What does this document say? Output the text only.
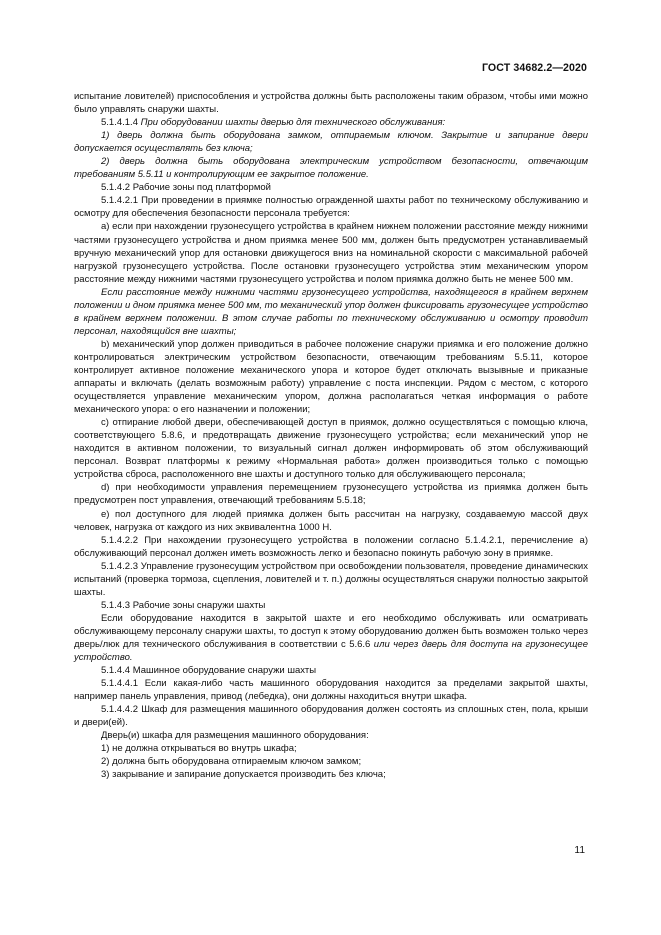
ГОСТ 34682.2—2020

испытание ловителей) приспособления и устройства должны быть расположены таким образом, чтобы ими можно было управлять снаружи шахты.

5.1.4.1.4 При оборудовании шахты дверью для технического обслуживания:

1) дверь должна быть оборудована замком, отпираемым ключом. Закрытие и запирание двери допускается осуществлять без ключа;

2) дверь должна быть оборудована электрическим устройством безопасности, отвечающим требованиям 5.5.11 и контролирующим ее закрытое положение.

5.1.4.2 Рабочие зоны под платформой

5.1.4.2.1 При проведении в приямке полностью огражденной шахты работ по техническому обслуживанию и осмотру для обеспечения безопасности персонала требуется:

a) если при нахождении грузонесущего устройства в крайнем нижнем положении расстояние между нижними частями грузонесущего устройства и дном приямка менее 500 мм, должен быть предусмотрен устанавливаемый вручную механический упор для остановки движущегося вниз на номинальной скорости с максимальной рабочей нагрузкой грузонесущего устройства. После остановки грузонесущего устройства этим механическим упором расстояние между нижними частями грузонесущего устройства и полом приямка должно быть не менее 500 мм.

Если расстояние между нижними частями грузонесущего устройства, находящегося в крайнем верхнем положении и дном приямка менее 500 мм, то механический упор должен фиксировать грузонесущее устройство в крайнем верхнем положении. В этом случае работы по техническому обслуживанию и осмотру проводит персонал, находящийся вне шахты;

b) механический упор должен приводиться в рабочее положение снаружи приямка и его положение должно контролироваться электрическим устройством безопасности, отвечающим требованиям 5.5.11, которое контролирует активное положение механического упора и которое будет отключать вызывные и приказные аппараты и включать (делать возможным работу) управление с поста инспекции. Рядом с местом, с которого осуществляется управление механическим упором, должна располагаться четкая информация о работе механического упора: о его назначении и положении;

c) отпирание любой двери, обеспечивающей доступ в приямок, должно осуществляться с помощью ключа, соответствующего 5.8.6, и предотвращать движение грузонесущего устройства; если механический упор не находится в активном положении, то визуальный сигнал должен информировать об этом обслуживающий персонал. Возврат платформы к режиму «Нормальная работа» должен производиться только с помощью устройства сброса, расположенного вне шахты и доступного только для обслуживающего персонала;

d) при необходимости управления перемещением грузонесущего устройства из приямка должен быть предусмотрен пост управления, отвечающий требованиям 5.5.18;

e) пол доступного для людей приямка должен быть рассчитан на нагрузку, создаваемую массой двух человек, нагрузка от каждого из них эквивалентна 1000 Н.

5.1.4.2.2 При нахождении грузонесущего устройства в положении согласно 5.1.4.2.1, перечисление a) обслуживающий персонал должен иметь возможность легко и безопасно покинуть рабочую зону в приямке.

5.1.4.2.3 Управление грузонесущим устройством при освобождении пользователя, проведение динамических испытаний (проверка тормоза, сцепления, ловителей и т. п.) должны осуществляться снаружи полностью закрытой шахты.

5.1.4.3 Рабочие зоны снаружи шахты

Если оборудование находится в закрытой шахте и его необходимо обслуживать или осматривать обслуживающему персоналу снаружи шахты, то доступ к этому оборудованию должен быть возможен только через дверь/люк для технического обслуживания в соответствии с 5.6.6 или через дверь для доступа на грузонесущее устройство.

5.1.4.4 Машинное оборудование снаружи шахты

5.1.4.4.1 Если какая-либо часть машинного оборудования находится за пределами закрытой шахты, например панель управления, привод (лебедка), они должны находиться внутри шкафа.

5.1.4.4.2 Шкаф для размещения машинного оборудования должен состоять из сплошных стен, пола, крыши и двери(ей).

Дверь(и) шкафа для размещения машинного оборудования:

1) не должна открываться во внутрь шкафа;

2) должна быть оборудована отпираемым ключом замком;

3) закрывание и запирание допускается производить без ключа;

11
